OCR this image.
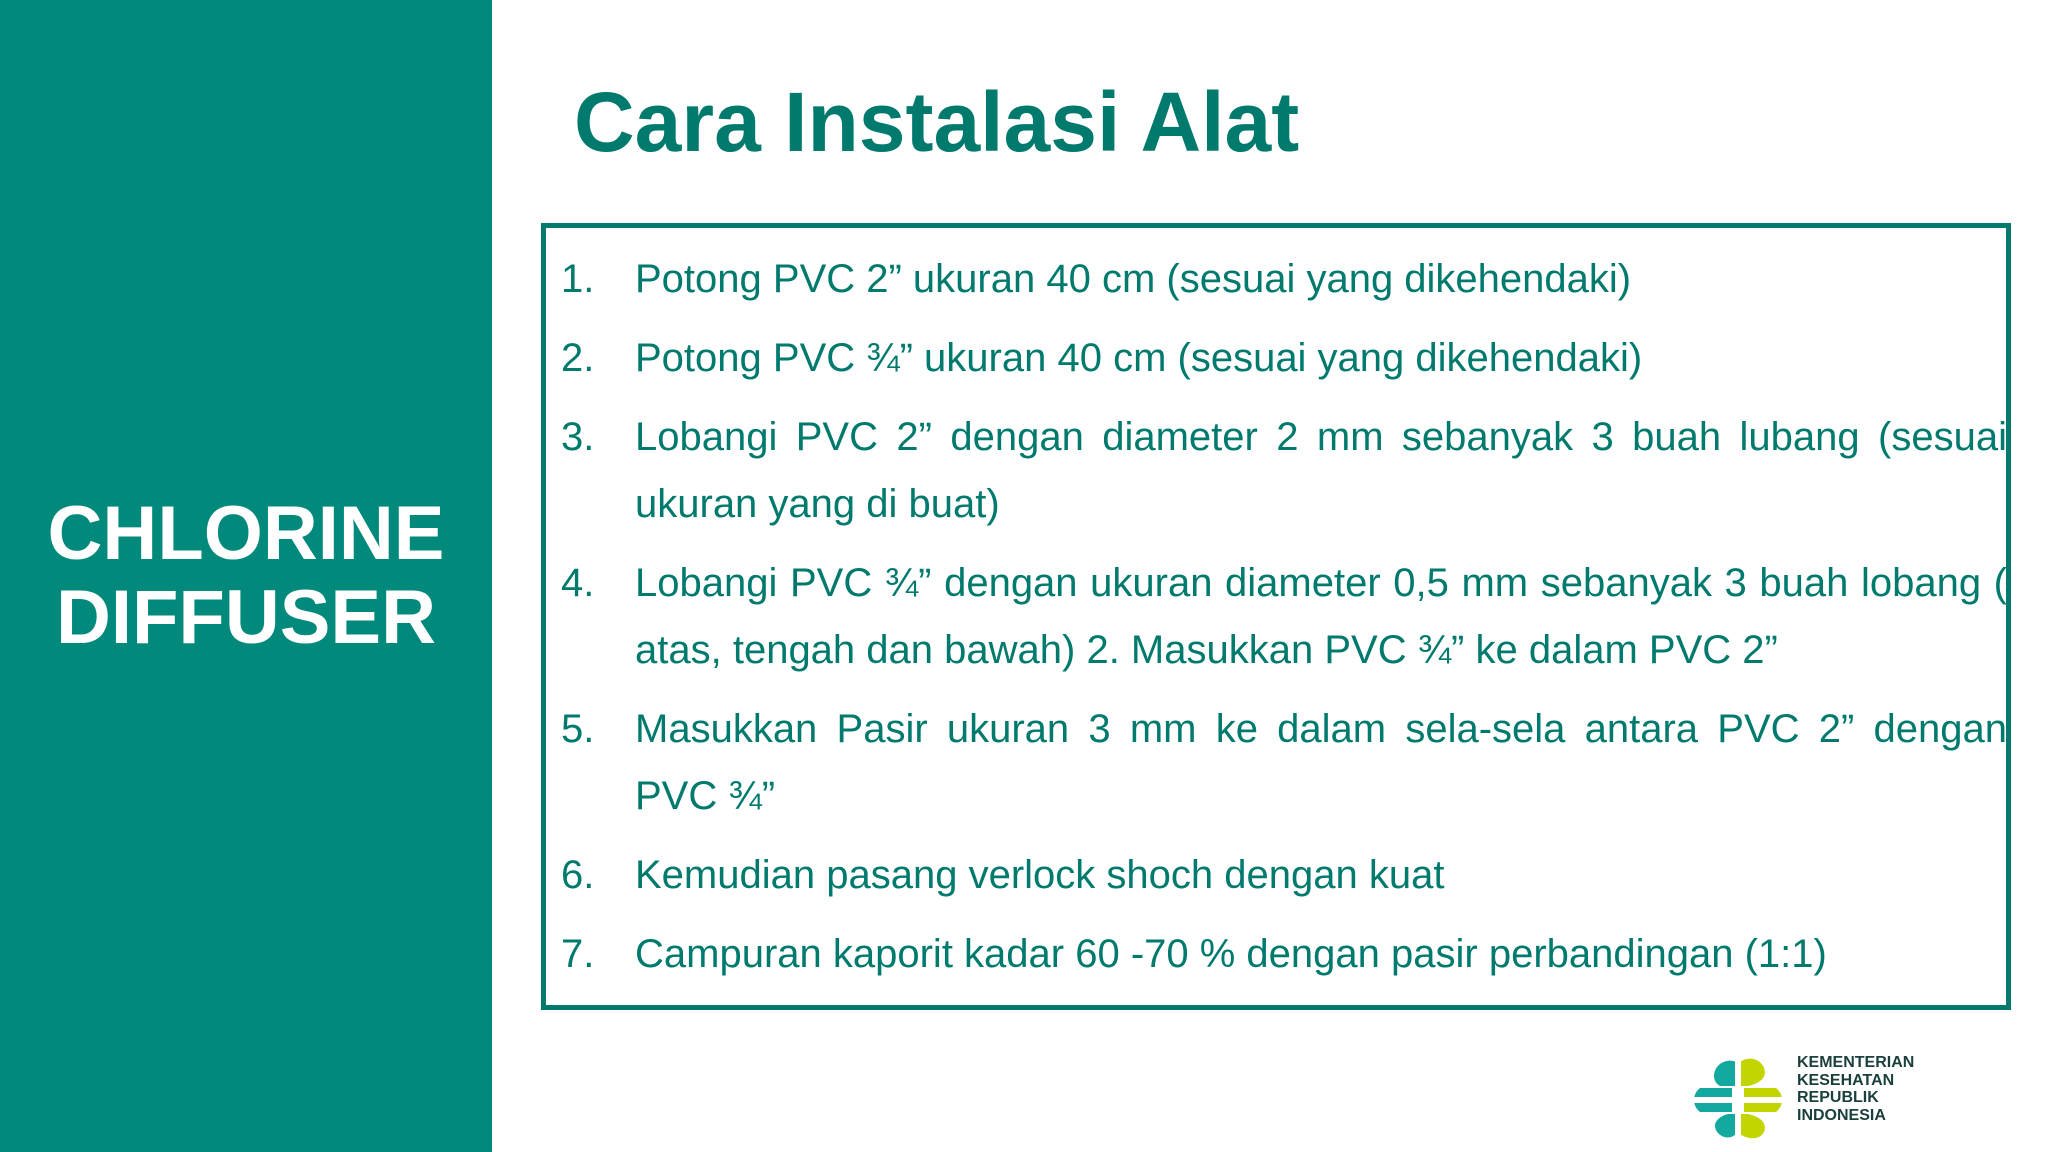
CHLORINE
DIFFUSER
Cara Instalasi Alat
1. Potong PVC 2” ukuran 40 cm (sesuai yang dikehendaki)
2. Potong PVC ¾” ukuran 40 cm (sesuai yang dikehendaki)
3. Lobangi PVC 2” dengan diameter 2 mm sebanyak 3 buah lubang (sesuai ukuran yang di buat)
4. Lobangi PVC ¾” dengan ukuran diameter 0,5 mm sebanyak 3 buah lobang ( atas, tengah dan bawah) 2. Masukkan PVC ¾” ke dalam PVC 2”
5. Masukkan Pasir ukuran 3 mm ke dalam sela-sela antara PVC 2” dengan PVC ¾”
6. Kemudian pasang verlock shoch dengan kuat
7. Campuran kaporit kadar 60 -70 % dengan pasir perbandingan (1:1)
KEMENTERIAN
KESEHATAN
REPUBLIK
INDONESIA
